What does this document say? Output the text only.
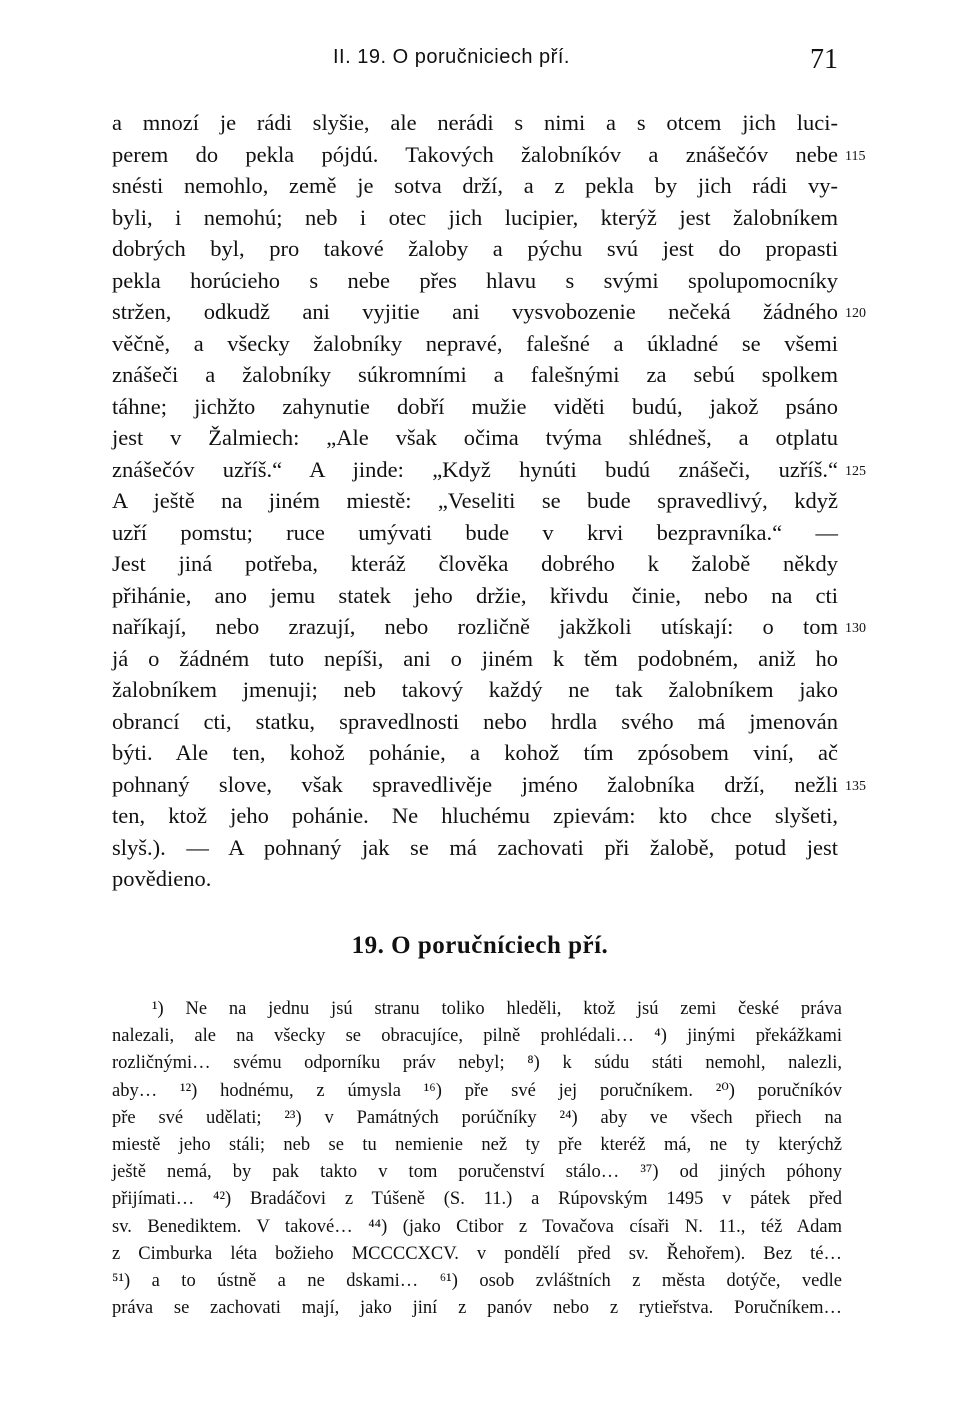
II. 19. O poručniciech pří.	71
a mnozí je rádi slyšie, ale nerádi s nimi a s otcem jich luci-
perem do pekla pójdú. Takových žalobníkóv a znášečóv nebe
snésti nemohlo, země je sotva drží, a z pekla by jich rádi vy-
byli, i nemohú; neb i otec jich lucipier, kterýž jest žalobníkem
dobrých byl, pro takové žaloby a pýchu svú jest do propasti
pekla horúcieho s nebe přes hlavu s svými spolupomocníky
stržen, odkudž ani vyjitie ani vysvobozenie nečeká žádného
věčně, a všecky žalobníky nepravé, falešné a úkladné se všemi
znášeči a žalobníky súkromními a falešnými za sebú spolkem
táhne; jichžto zahynutie dobří mužie viděti budú, jakož psáno
jest v Žalmiech: „Ale však očima tvýma shlédneš, a otplatu
znášečóv uzříš.“ A jinde: „Když hynúti budú znášeči, uzříš.“
A ještě na jiném miestě: „Veseliti se bude spravedlivý, když
uzří pomstu; ruce umývati bude v krvi bezpravníka.“ —
Jest jiná potřeba, kteráž člověka dobrého k žalobě někdy
přihánie, ano jemu statek jeho držie, křivdu činie, nebo na cti
naříkají, nebo zrazují, nebo rozličně jakžkoli utískají: o tom
já o žádném tuto nepíši, ani o jiném k těm podobném, aniž ho
žalobníkem jmenuji; neb takový každý ne tak žalobníkem jako
obrancí cti, statku, spravedlnosti nebo hrdla svého má jmenován
býti. Ale ten, kohož pohánie, a kohož tím zpósobem viní, ač
pohnaný slove, však spravedlivěje jméno žalobníka drží, nežli
ten, ktož jeho pohánie. Ne hluchému zpievám: kto chce slyšeti,
slyš.). — A pohnaný jak se má zachovati při žalobě, potud jest
povědieno.
115
120
125
130
135
19. O poručníciech pří.
¹) Ne na jednu jsú stranu toliko hleděli, ktož jsú zemi české práva
nalezali, ale na všecky se obracujíce, pilně prohlédali… ⁴) jinými překážkami
rozličnými… svému odporníku práv nebyl; ⁸) k súdu státi nemohl, nalezli,
aby… ¹²) hodnému, z úmysla ¹⁶) pře své jej poručníkem. ²⁰) poručníkóv
pře své udělati; ²³) v Památných porúčníky ²⁴) aby ve všech přiech na
miestě jeho stáli; neb se tu nemienie než ty pře kteréž má, ne ty kterýchž
ještě nemá, by pak takto v tom poručenství stálo… ³⁷) od jiných póhony
přijímati… ⁴²) Bradáčovi z Túšeně (S. 11.) a Rúpovským 1495 v pátek před
sv. Benediktem. V takové… ⁴⁴) (jako Ctibor z Tovačova císaři N. 11., též Adam
z Cimburka léta božieho MCCCCXCV. v pondělí před sv. Řehořem). Bez té…
⁵¹) a to ústně a ne dskami… ⁶¹) osob zvláštních z města dotýče, vedle
práva se zachovati mají, jako jiní z panóv nebo z rytieřstva. Poručníkem…
